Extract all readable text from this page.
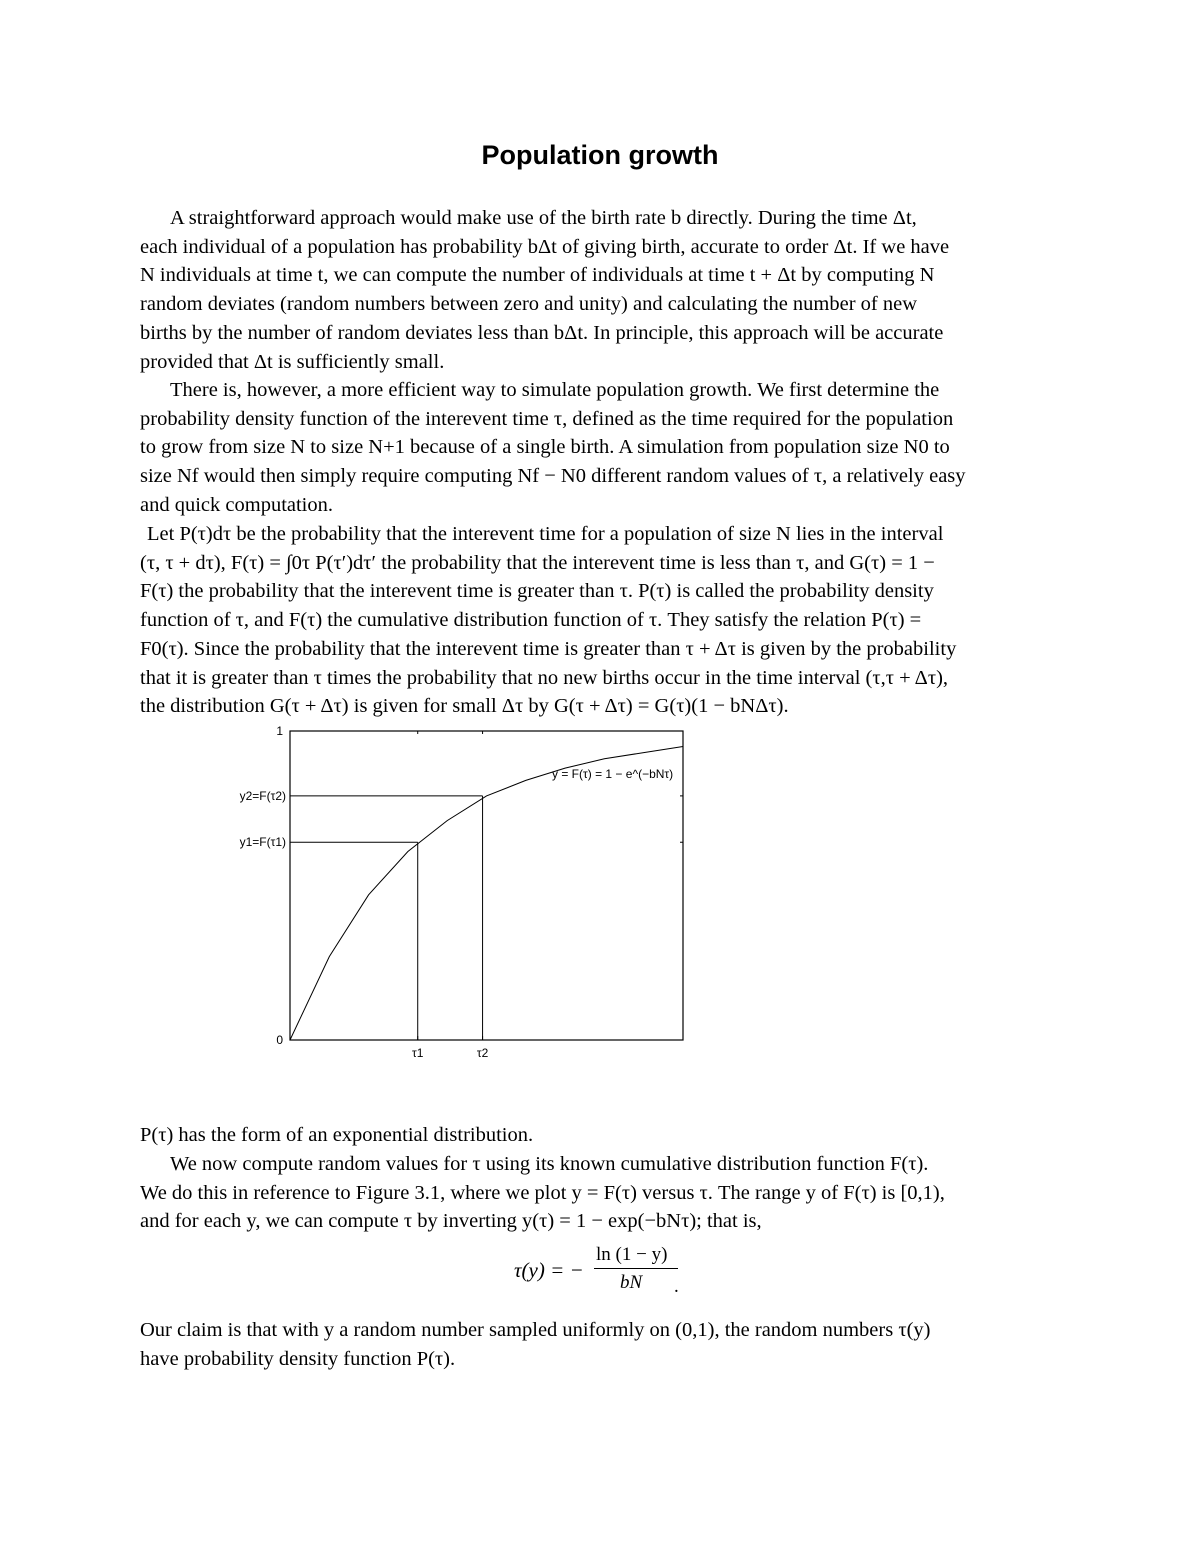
Population growth

A straightforward approach would make use of the birth rate b directly. During the time Δt,

each individual of a population has probability bΔt of giving birth, accurate to order Δt. If we have

N individuals at time t, we can compute the number of individuals at time t + Δt by computing N

random deviates (random numbers between zero and unity) and calculating the number of new

births by the number of random deviates less than bΔt. In principle, this approach will be accurate

provided that Δt is sufficiently small.

There is, however, a more efficient way to simulate population growth. We first determine the

probability density function of the interevent time τ, defined as the time required for the population

to grow from size N to size N+1 because of a single birth. A simulation from population size N0 to

size Nf would then simply require computing Nf − N0 different random values of τ, a relatively easy

and quick computation.

Let P(τ)dτ be the probability that the interevent time for a population of size N lies in the interval

(τ, τ + dτ), F(τ) = ∫0τ P(τ′)dτ′ the probability that the interevent time is less than τ, and G(τ) = 1 −

F(τ) the probability that the interevent time is greater than τ. P(τ) is called the probability density

function of τ, and F(τ) the cumulative distribution function of τ. They satisfy the relation P(τ) =

F0(τ). Since the probability that the interevent time is greater than τ + Δτ is given by the probability

that it is greater than τ times the probability that no new births occur in the time interval (τ,τ + Δτ),

the distribution G(τ + Δτ) is given for small Δτ by G(τ + Δτ) = G(τ)(1 − bNΔτ).

0
1
y1=F(τ1)
y2=F(τ2)
τ1	τ2
y = F(τ) = 1 − e^(−bNτ)

P(τ) has the form of an exponential distribution.

We now compute random values for τ using its known cumulative distribution function F(τ).

We do this in reference to Figure 3.1, where we plot y = F(τ) versus τ. The range y of F(τ) is [0,1),

and for each y, we can compute τ by inverting y(τ) = 1 − exp(−bNτ); that is,

τ(y) = −
ln (1 − y)
bN .

Our claim is that with y a random number sampled uniformly on (0,1), the random numbers τ(y)

have probability density function P(τ).
